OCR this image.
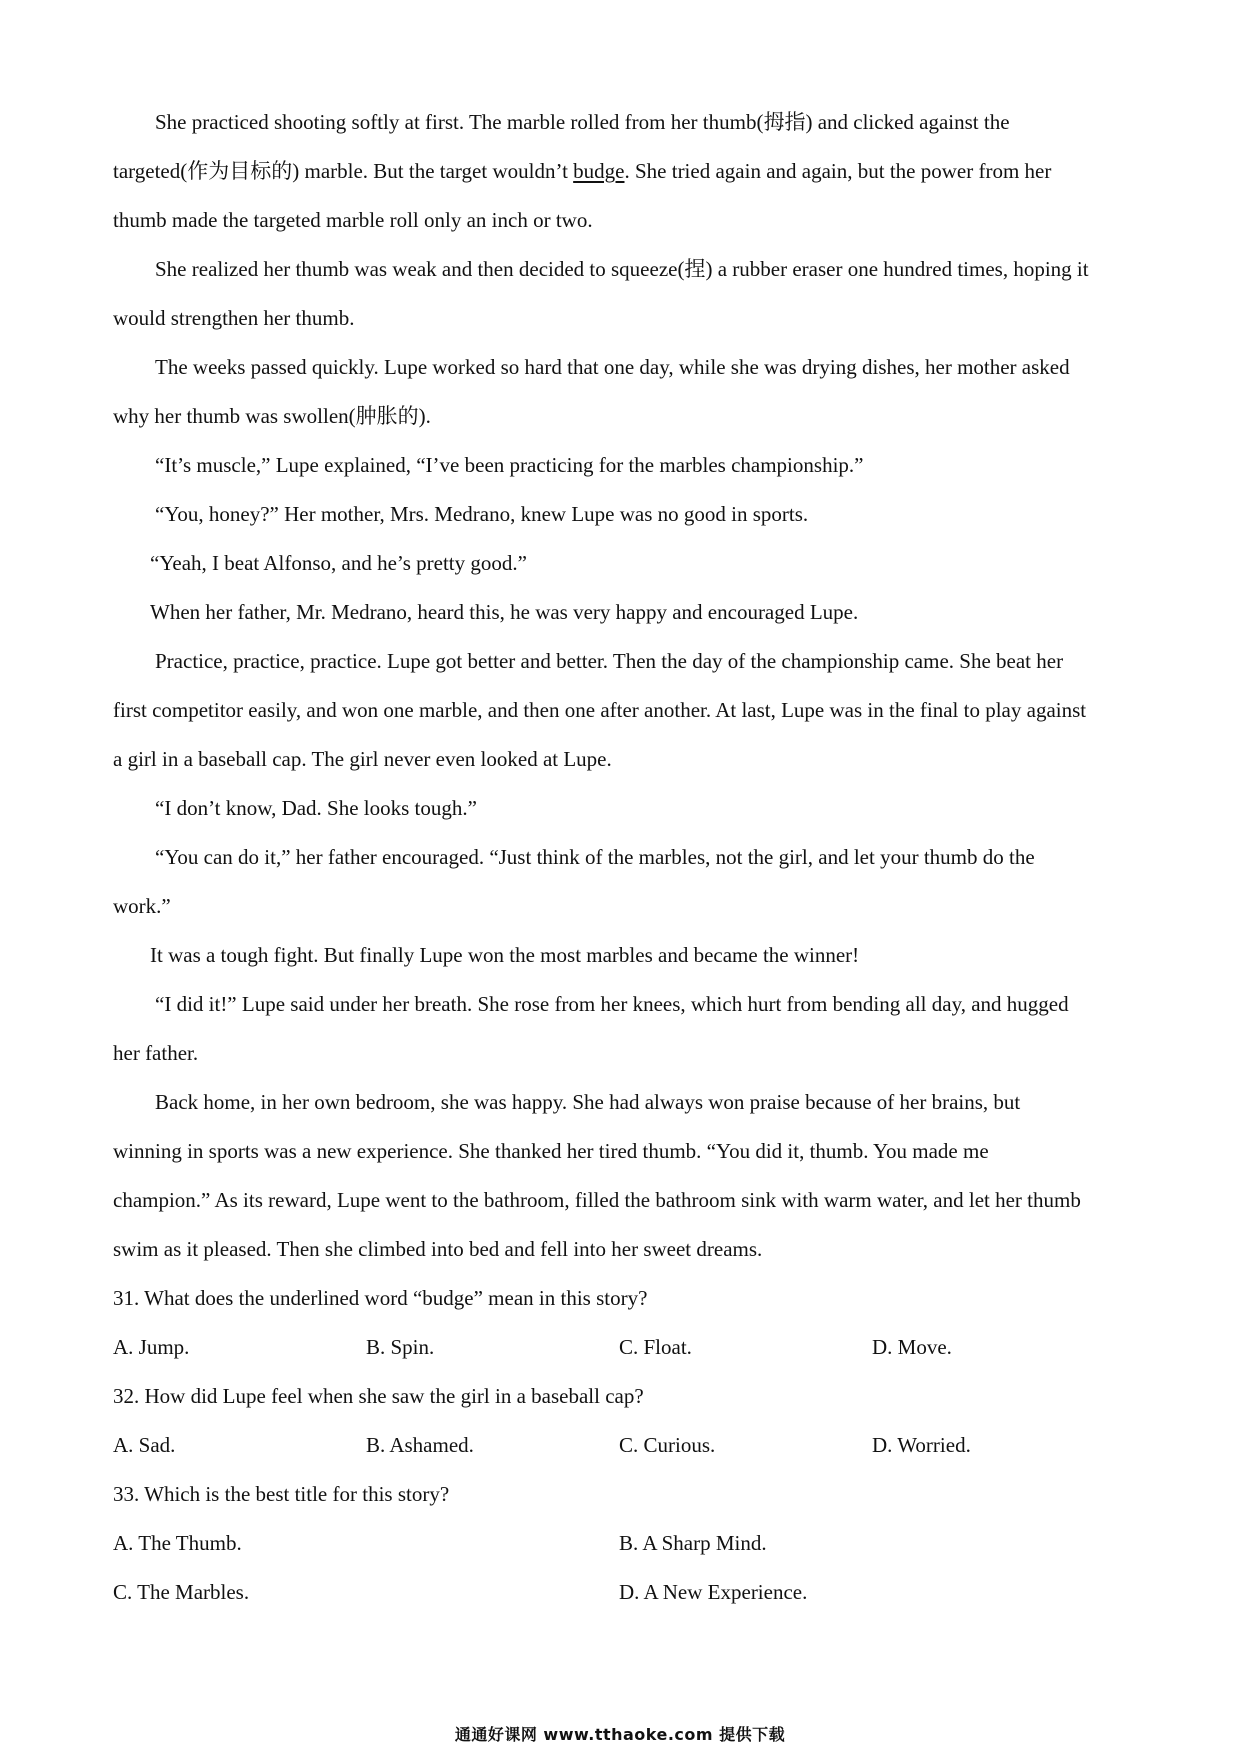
She practiced shooting softly at first. The marble rolled from her thumb(拇指) and clicked against the
targeted(作为目标的) marble. But the target wouldn’t budge. She tried again and again, but the power from her
thumb made the targeted marble roll only an inch or two.
She realized her thumb was weak and then decided to squeeze(捏) a rubber eraser one hundred times, hoping it
would strengthen her thumb.
The weeks passed quickly. Lupe worked so hard that one day, while she was drying dishes, her mother asked
why her thumb was swollen(肿胀的).
“It’s muscle,” Lupe explained, “I’ve been practicing for the marbles championship.”
“You, honey?” Her mother, Mrs. Medrano, knew Lupe was no good in sports.
“Yeah, I beat Alfonso, and he’s pretty good.”
When her father, Mr. Medrano, heard this, he was very happy and encouraged Lupe.
Practice, practice, practice. Lupe got better and better. Then the day of the championship came. She beat her
first competitor easily, and won one marble, and then one after another. At last, Lupe was in the final to play against
a girl in a baseball cap. The girl never even looked at Lupe.
“I don’t know, Dad. She looks tough.”
“You can do it,” her father encouraged. “Just think of the marbles, not the girl, and let your thumb do the
work.”
It was a tough fight. But finally Lupe won the most marbles and became the winner!
“I did it!” Lupe said under her breath. She rose from her knees, which hurt from bending all day, and hugged
her father.
Back home, in her own bedroom, she was happy. She had always won praise because of her brains, but
winning in sports was a new experience. She thanked her tired thumb. “You did it, thumb. You made me
champion.” As its reward, Lupe went to the bathroom, filled the bathroom sink with warm water, and let her thumb
swim as it pleased. Then she climbed into bed and fell into her sweet dreams.
31. What does the underlined word “budge” mean in this story?
A. Jump.	B. Spin.	C. Float.	D. Move.
32. How did Lupe feel when she saw the girl in a baseball cap?
A. Sad.	B. Ashamed.	C. Curious.	D. Worried.
33. Which is the best title for this story?
A. The Thumb.	B. A Sharp Mind.
C. The Marbles.	D. A New Experience.
通通好课网 www.tthaoke.com 提供下载
